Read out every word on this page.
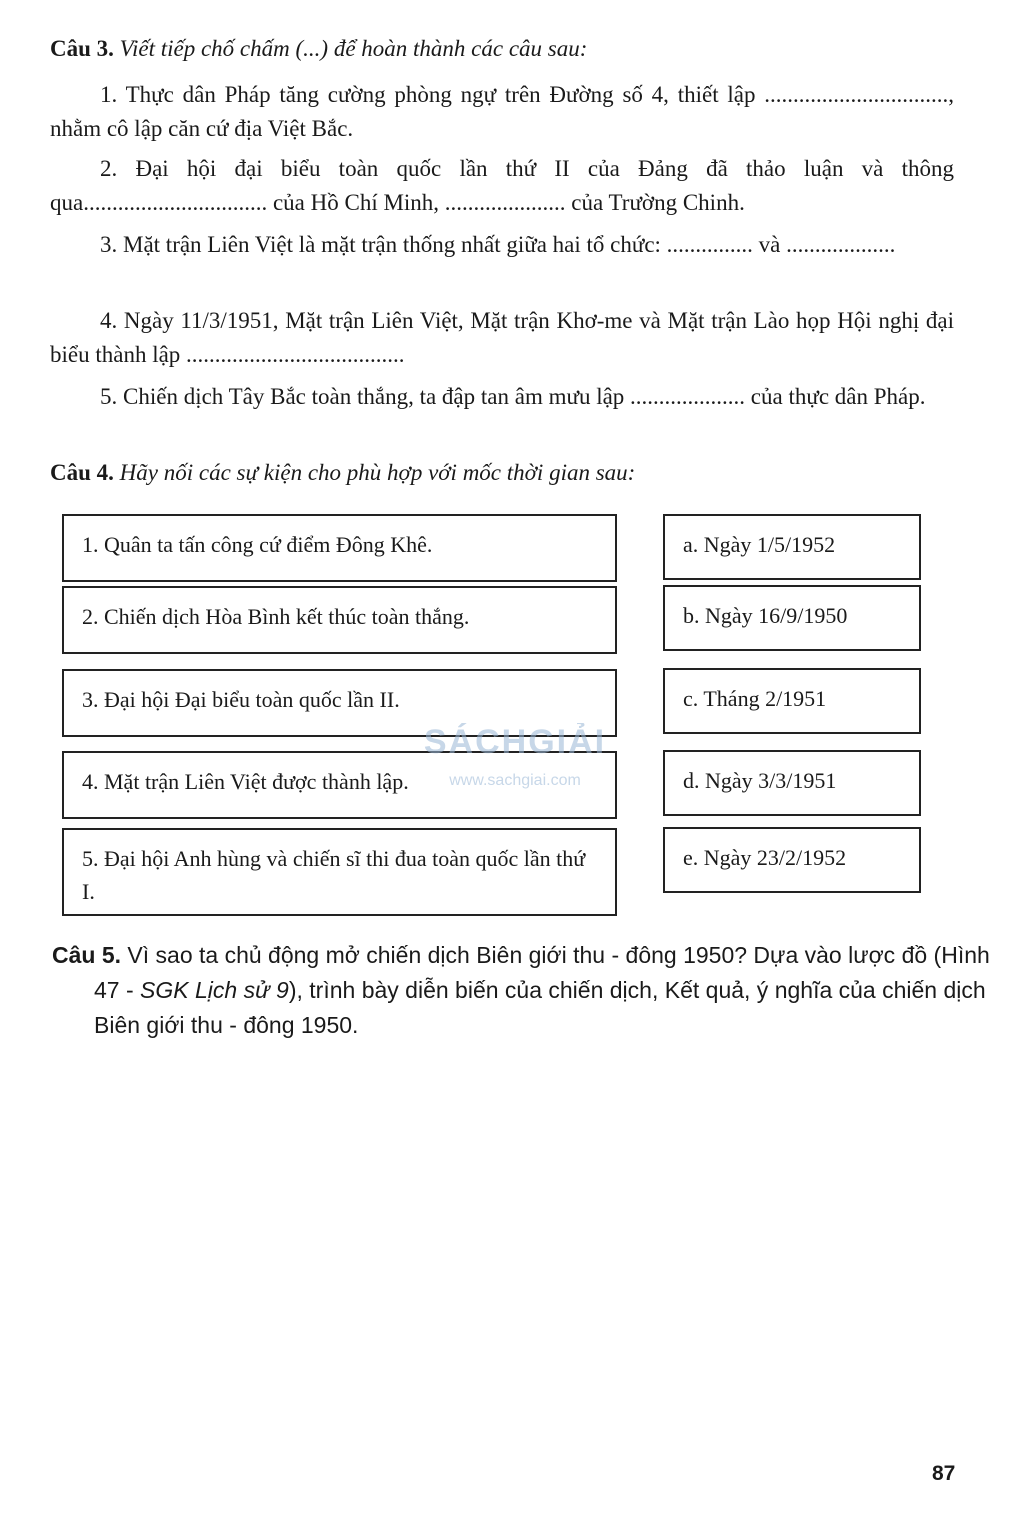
Câu 3. Viết tiếp chố chấm (...) để hoàn thành các câu sau:
1. Thực dân Pháp tăng cường phòng ngự trên Đường số 4, thiết lập ................................, nhằm cô lập căn cứ địa Việt Bắc.
2. Đại hội đại biểu toàn quốc lần thứ II của Đảng đã thảo luận và thông qua................................ của Hồ Chí Minh, ..................... của Trường Chinh.
3. Mặt trận Liên Việt là mặt trận thống nhất giữa hai tổ chức: ............... và ...................
4. Ngày 11/3/1951, Mặt trận Liên Việt, Mặt trận Khơ-me và Mặt trận Lào họp Hội nghị đại biểu thành lập ......................................
5. Chiến dịch Tây Bắc toàn thắng, ta đập tan âm mưu lập .................... của thực dân Pháp.
Câu 4. Hãy nối các sự kiện cho phù hợp với mốc thời gian sau:
1. Quân ta tấn công cứ điểm Đông Khê.
2. Chiến dịch Hòa Bình kết thúc toàn thắng.
3. Đại hội Đại biểu toàn quốc lần II.
4. Mặt trận Liên Việt được thành lập.
5. Đại hội Anh hùng và chiến sĩ thi đua toàn quốc lần thứ I.
a. Ngày 1/5/1952
b. Ngày 16/9/1950
c. Tháng 2/1951
d. Ngày 3/3/1951
e. Ngày 23/2/1952
SÁCHGIẢI
www.sachgiai.com
Câu 5. Vì sao ta chủ động mở chiến dịch Biên giới thu - đông 1950? Dựa vào lược đồ (Hình 47 - SGK Lịch sử 9), trình bày diễn biến của chiến dịch, Kết quả, ý nghĩa của chiến dịch Biên giới thu - đông 1950.
87
